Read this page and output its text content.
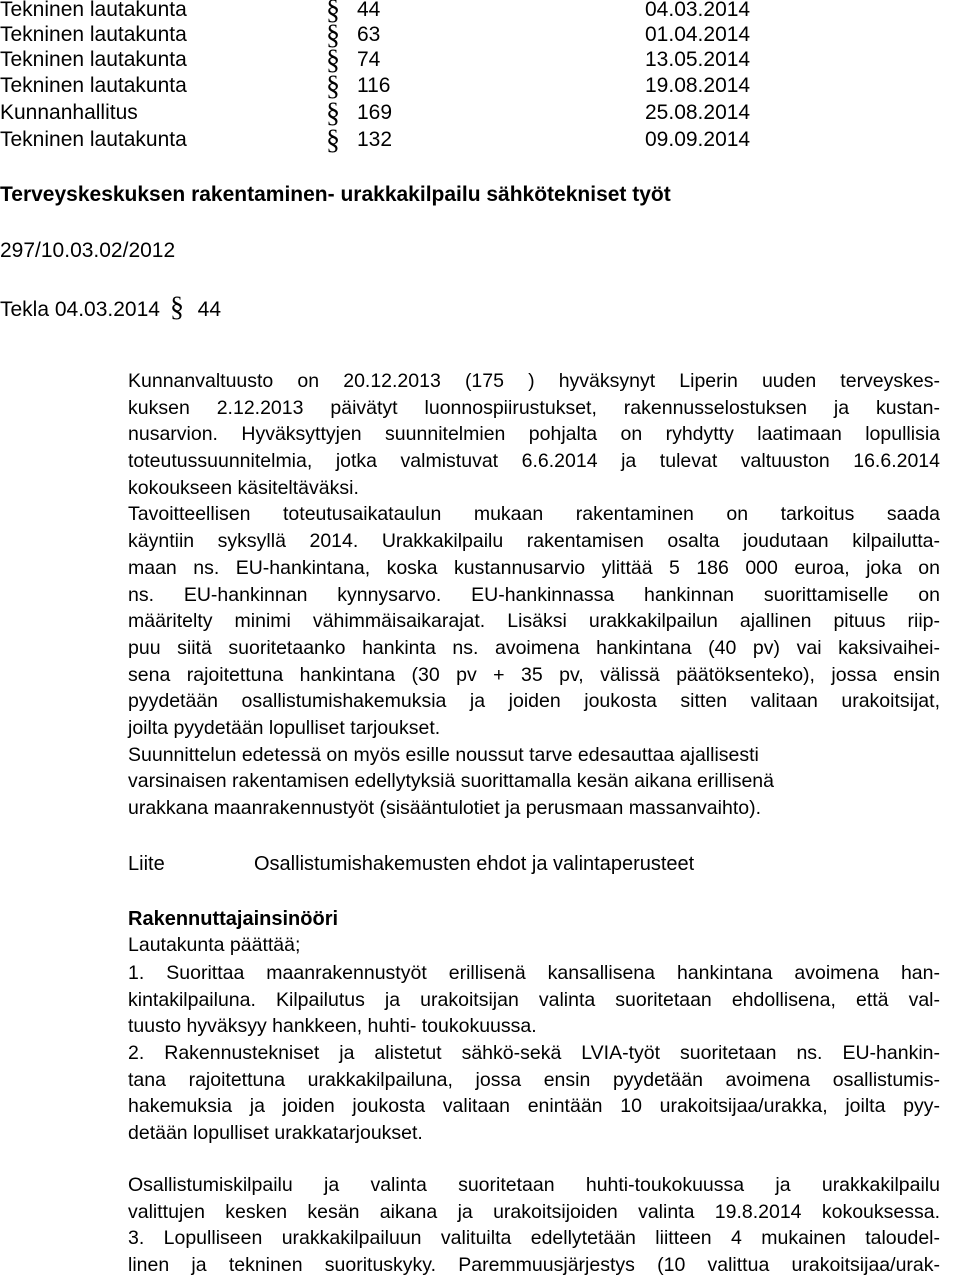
Tekninen lautakunta	§ 44	04.03.2014
Tekninen lautakunta	§ 63	01.04.2014
Tekninen lautakunta	§ 74	13.05.2014
Tekninen lautakunta	§ 116	19.08.2014
Kunnanhallitus	§ 169	25.08.2014
Tekninen lautakunta	§ 132	09.09.2014
Terveyskeskuksen rakentaminen- urakkakilpailu sähkötekniset työt
297/10.03.02/2012
Tekla 04.03.2014 § 44
Kunnanvaltuusto on 20.12.2013 (175 ) hyväksynyt Liperin uuden terveyskes-
kuksen 2.12.2013 päivätyt luonnospiirustukset, rakennusselostuksen ja kustan-
nusarvion. Hyväksyttyjen suunnitelmien pohjalta on ryhdytty laatimaan lopullisia
toteutussuunnitelmia, jotka valmistuvat 6.6.2014 ja tulevat valtuuston 16.6.2014
kokoukseen käsiteltäväksi.
Tavoitteellisen toteutusaikataulun mukaan rakentaminen on tarkoitus saada
käyntiin syksyllä 2014. Urakkakilpailu rakentamisen osalta joudutaan kilpailutta-
maan ns. EU-hankintana, koska kustannusarvio ylittää 5 186 000 euroa, joka on
ns. EU-hankinnan kynnysarvo. EU-hankinnassa hankinnan suorittamiselle on
määritelty minimi vähimmäisaikarajat. Lisäksi urakkakilpailun ajallinen pituus riip-
puu siitä suoritetaanko hankinta ns. avoimena hankintana (40 pv) vai kaksivaihei-
sena rajoitettuna hankintana (30 pv + 35 pv, välissä päätöksenteko), jossa ensin
pyydetään osallistumishakemuksia ja joiden joukosta sitten valitaan urakoitsijat,
joilta pyydetään lopulliset tarjoukset.
Suunnittelun edetessä on myös esille noussut tarve edesauttaa ajallisesti
varsinaisen rakentamisen edellytyksiä suorittamalla kesän aikana erillisenä
urakkana maanrakennustyöt (sisääntulotiet ja perusmaan massanvaihto).
Liite	Osallistumishakemusten ehdot ja valintaperusteet
Rakennuttajainsinööri
Lautakunta päättää;
1. Suorittaa maanrakennustyöt erillisenä kansallisena hankintana avoimena han-
kintakilpailuna. Kilpailutus ja urakoitsijan valinta suoritetaan ehdollisena, että val-
tuusto hyväksyy hankkeen, huhti- toukokuussa.
2. Rakennustekniset ja alistetut sähkö-sekä LVIA-työt suoritetaan ns. EU-hankin-
tana rajoitettuna urakkakilpailuna, jossa ensin pyydetään avoimena osallistumis-
hakemuksia ja joiden joukosta valitaan enintään 10 urakoitsijaa/urakka, joilta pyy-
detään lopulliset urakkatarjoukset.
Osallistumiskilpailu ja valinta suoritetaan huhti-toukokuussa ja urakkakilpailu
valittujen kesken kesän aikana ja urakoitsijoiden valinta 19.8.2014 kokouksessa.
3. Lopulliseen urakkakilpailuun valituilta edellytetään liitteen 4 mukainen taloudel-
linen ja tekninen suorituskyky. Paremmuusjärjestys (10 valittua urakoitsijaa/urak-
